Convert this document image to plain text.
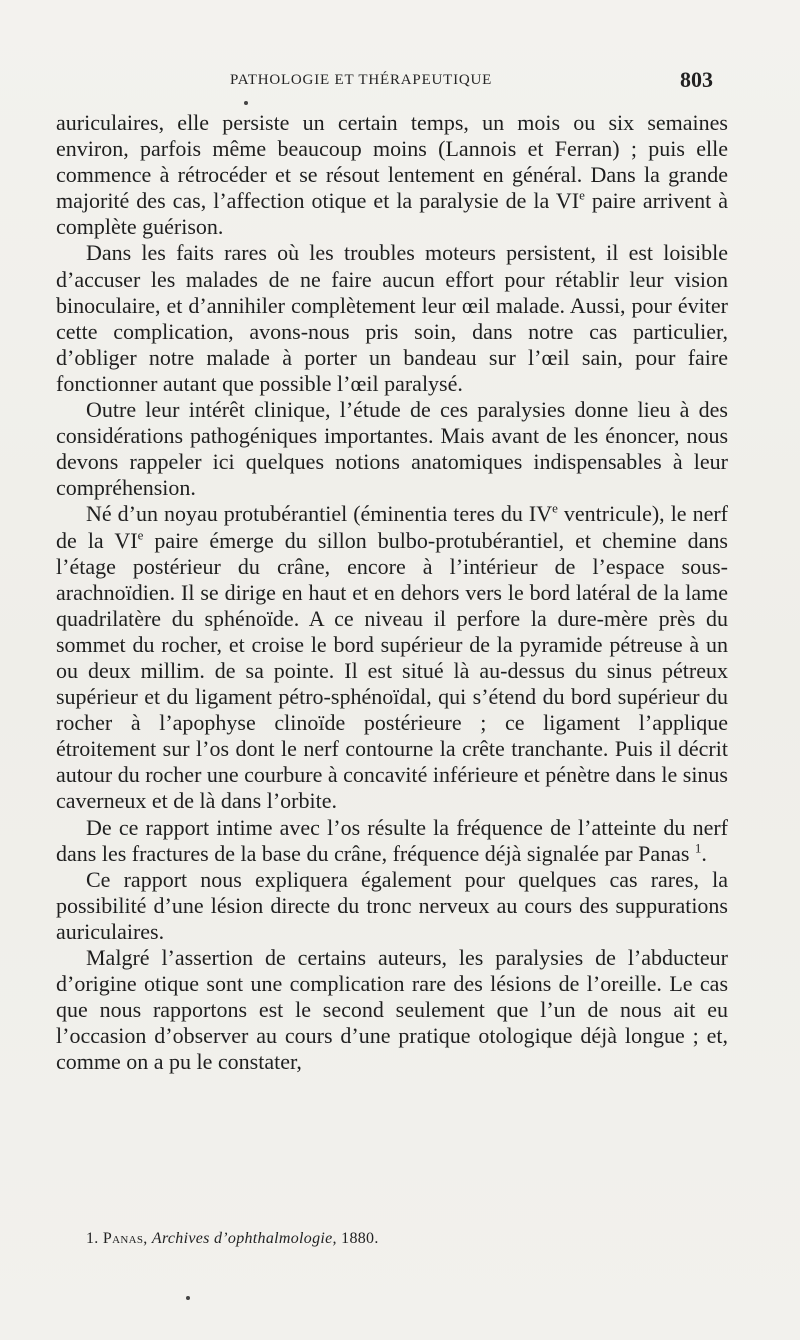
PATHOLOGIE ET THÉRAPEUTIQUE	803

auriculaires, elle persiste un certain temps, un mois ou six semaines environ, parfois même beaucoup moins (Lannois et Ferran) ; puis elle commence à rétrocéder et se résout lentement en général. Dans la grande majorité des cas, l’affection otique et la paralysie de la VIe paire arrivent à complète guérison.

Dans les faits rares où les troubles moteurs persistent, il est loisible d’accuser les malades de ne faire aucun effort pour rétablir leur vision binoculaire, et d’annihiler complètement leur œil malade. Aussi, pour éviter cette complication, avons-nous pris soin, dans notre cas particulier, d’obliger notre malade à porter un bandeau sur l’œil sain, pour faire fonctionner autant que possible l’œil paralysé.

Outre leur intérêt clinique, l’étude de ces paralysies donne lieu à des considérations pathogéniques importantes. Mais avant de les énoncer, nous devons rappeler ici quelques notions anatomiques indispensables à leur compréhension.

Né d’un noyau protubérantiel (éminentia teres du IVe ventricule), le nerf de la VIe paire émerge du sillon bulbo-protubérantiel, et chemine dans l’étage postérieur du crâne, encore à l’intérieur de l’espace sous-arachnoïdien. Il se dirige en haut et en dehors vers le bord latéral de la lame quadrilatère du sphénoïde. A ce niveau il perfore la dure-mère près du sommet du rocher, et croise le bord supérieur de la pyramide pétreuse à un ou deux millim. de sa pointe. Il est situé là au-dessus du sinus pétreux supérieur et du ligament pétro-sphénoïdal, qui s’étend du bord supérieur du rocher à l’apophyse clinoïde postérieure ; ce ligament l’applique étroitement sur l’os dont le nerf contourne la crête tranchante. Puis il décrit autour du rocher une courbure à concavité inférieure et pénètre dans le sinus caverneux et de là dans l’orbite.

De ce rapport intime avec l’os résulte la fréquence de l’atteinte du nerf dans les fractures de la base du crâne, fréquence déjà signalée par Panas $^1$.

Ce rapport nous expliquera également pour quelques cas rares, la possibilité d’une lésion directe du tronc nerveux au cours des suppurations auriculaires.

Malgré l’assertion de certains auteurs, les paralysies de l’abducteur d’origine otique sont une complication rare des lésions de l’oreille. Le cas que nous rapportons est le second seulement que l’un de nous ait eu l’occasion d’observer au cours d’une pratique otologique déjà longue ; et, comme on a pu le constater,

1. Panas, Archives d’ophthalmologie, 1880.
